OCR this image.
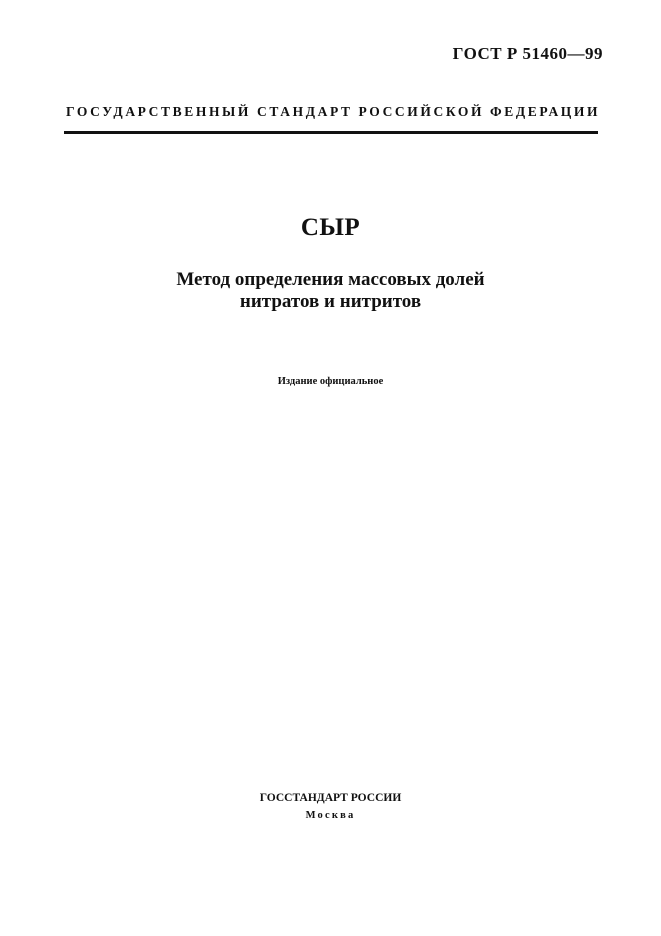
ГОСТ Р 51460—99
ГОСУДАРСТВЕННЫЙ СТАНДАРТ РОССИЙСКОЙ ФЕДЕРАЦИИ
СЫР
Метод определения массовых долей
нитратов и нитритов
Издание официальное
ГОССТАНДАРТ РОССИИ
Москва
